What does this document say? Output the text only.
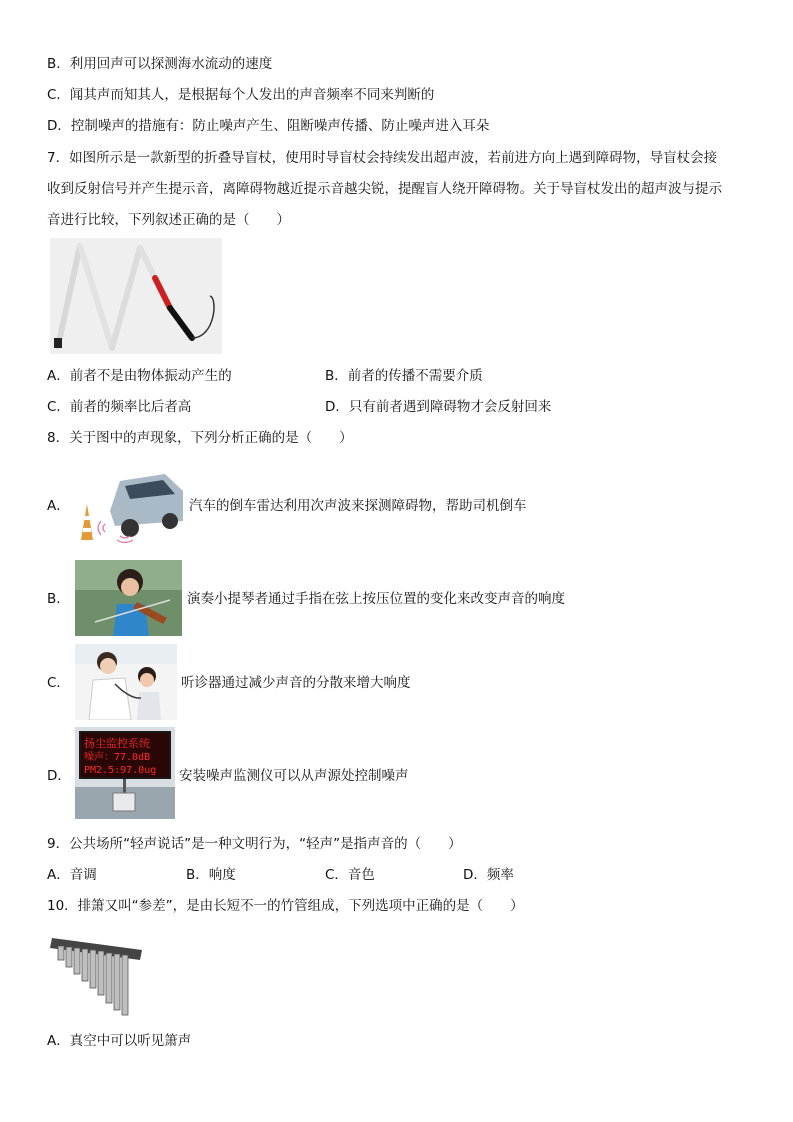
B．利用回声可以探测海水流动的速度
C．闻其声而知其人，是根据每个人发出的声音频率不同来判断的
D．控制噪声的措施有：防止噪声产生、阻断噪声传播、防止噪声进入耳朵
7．如图所示是一款新型的折叠导盲杖，使用时导盲杖会持续发出超声波，若前进方向上遇到障碍物，导盲杖会接
收到反射信号并产生提示音，离障碍物越近提示音越尖锐，提醒盲人绕开障碍物。关于导盲杖发出的超声波与提示
音进行比较，下列叙述正确的是（　　）
A．前者不是由物体振动产生的	B．前者的传播不需要介质
C．前者的频率比后者高	D．只有前者遇到障碍物才会反射回来
8．关于图中的声现象，下列分析正确的是（　　）
A．	汽车的倒车雷达利用次声波来探测障碍物，帮助司机倒车
B．	演奏小提琴者通过手指在弦上按压位置的变化来改变声音的响度
C．	听诊器通过减少声音的分散来增大响度
D．
扬尘监控系统
噪声：77.0dB
PM2.5:97.0ug 安装噪声监测仪可以从声源处控制噪声
9．公共场所“轻声说话”是一种文明行为，“轻声”是指声音的（　　）
A．音调	B．响度	C．音色	D．频率
10．排箫又叫“参差”，是由长短不一的竹管组成，下列选项中正确的是（　　）
A．真空中可以听见箫声
